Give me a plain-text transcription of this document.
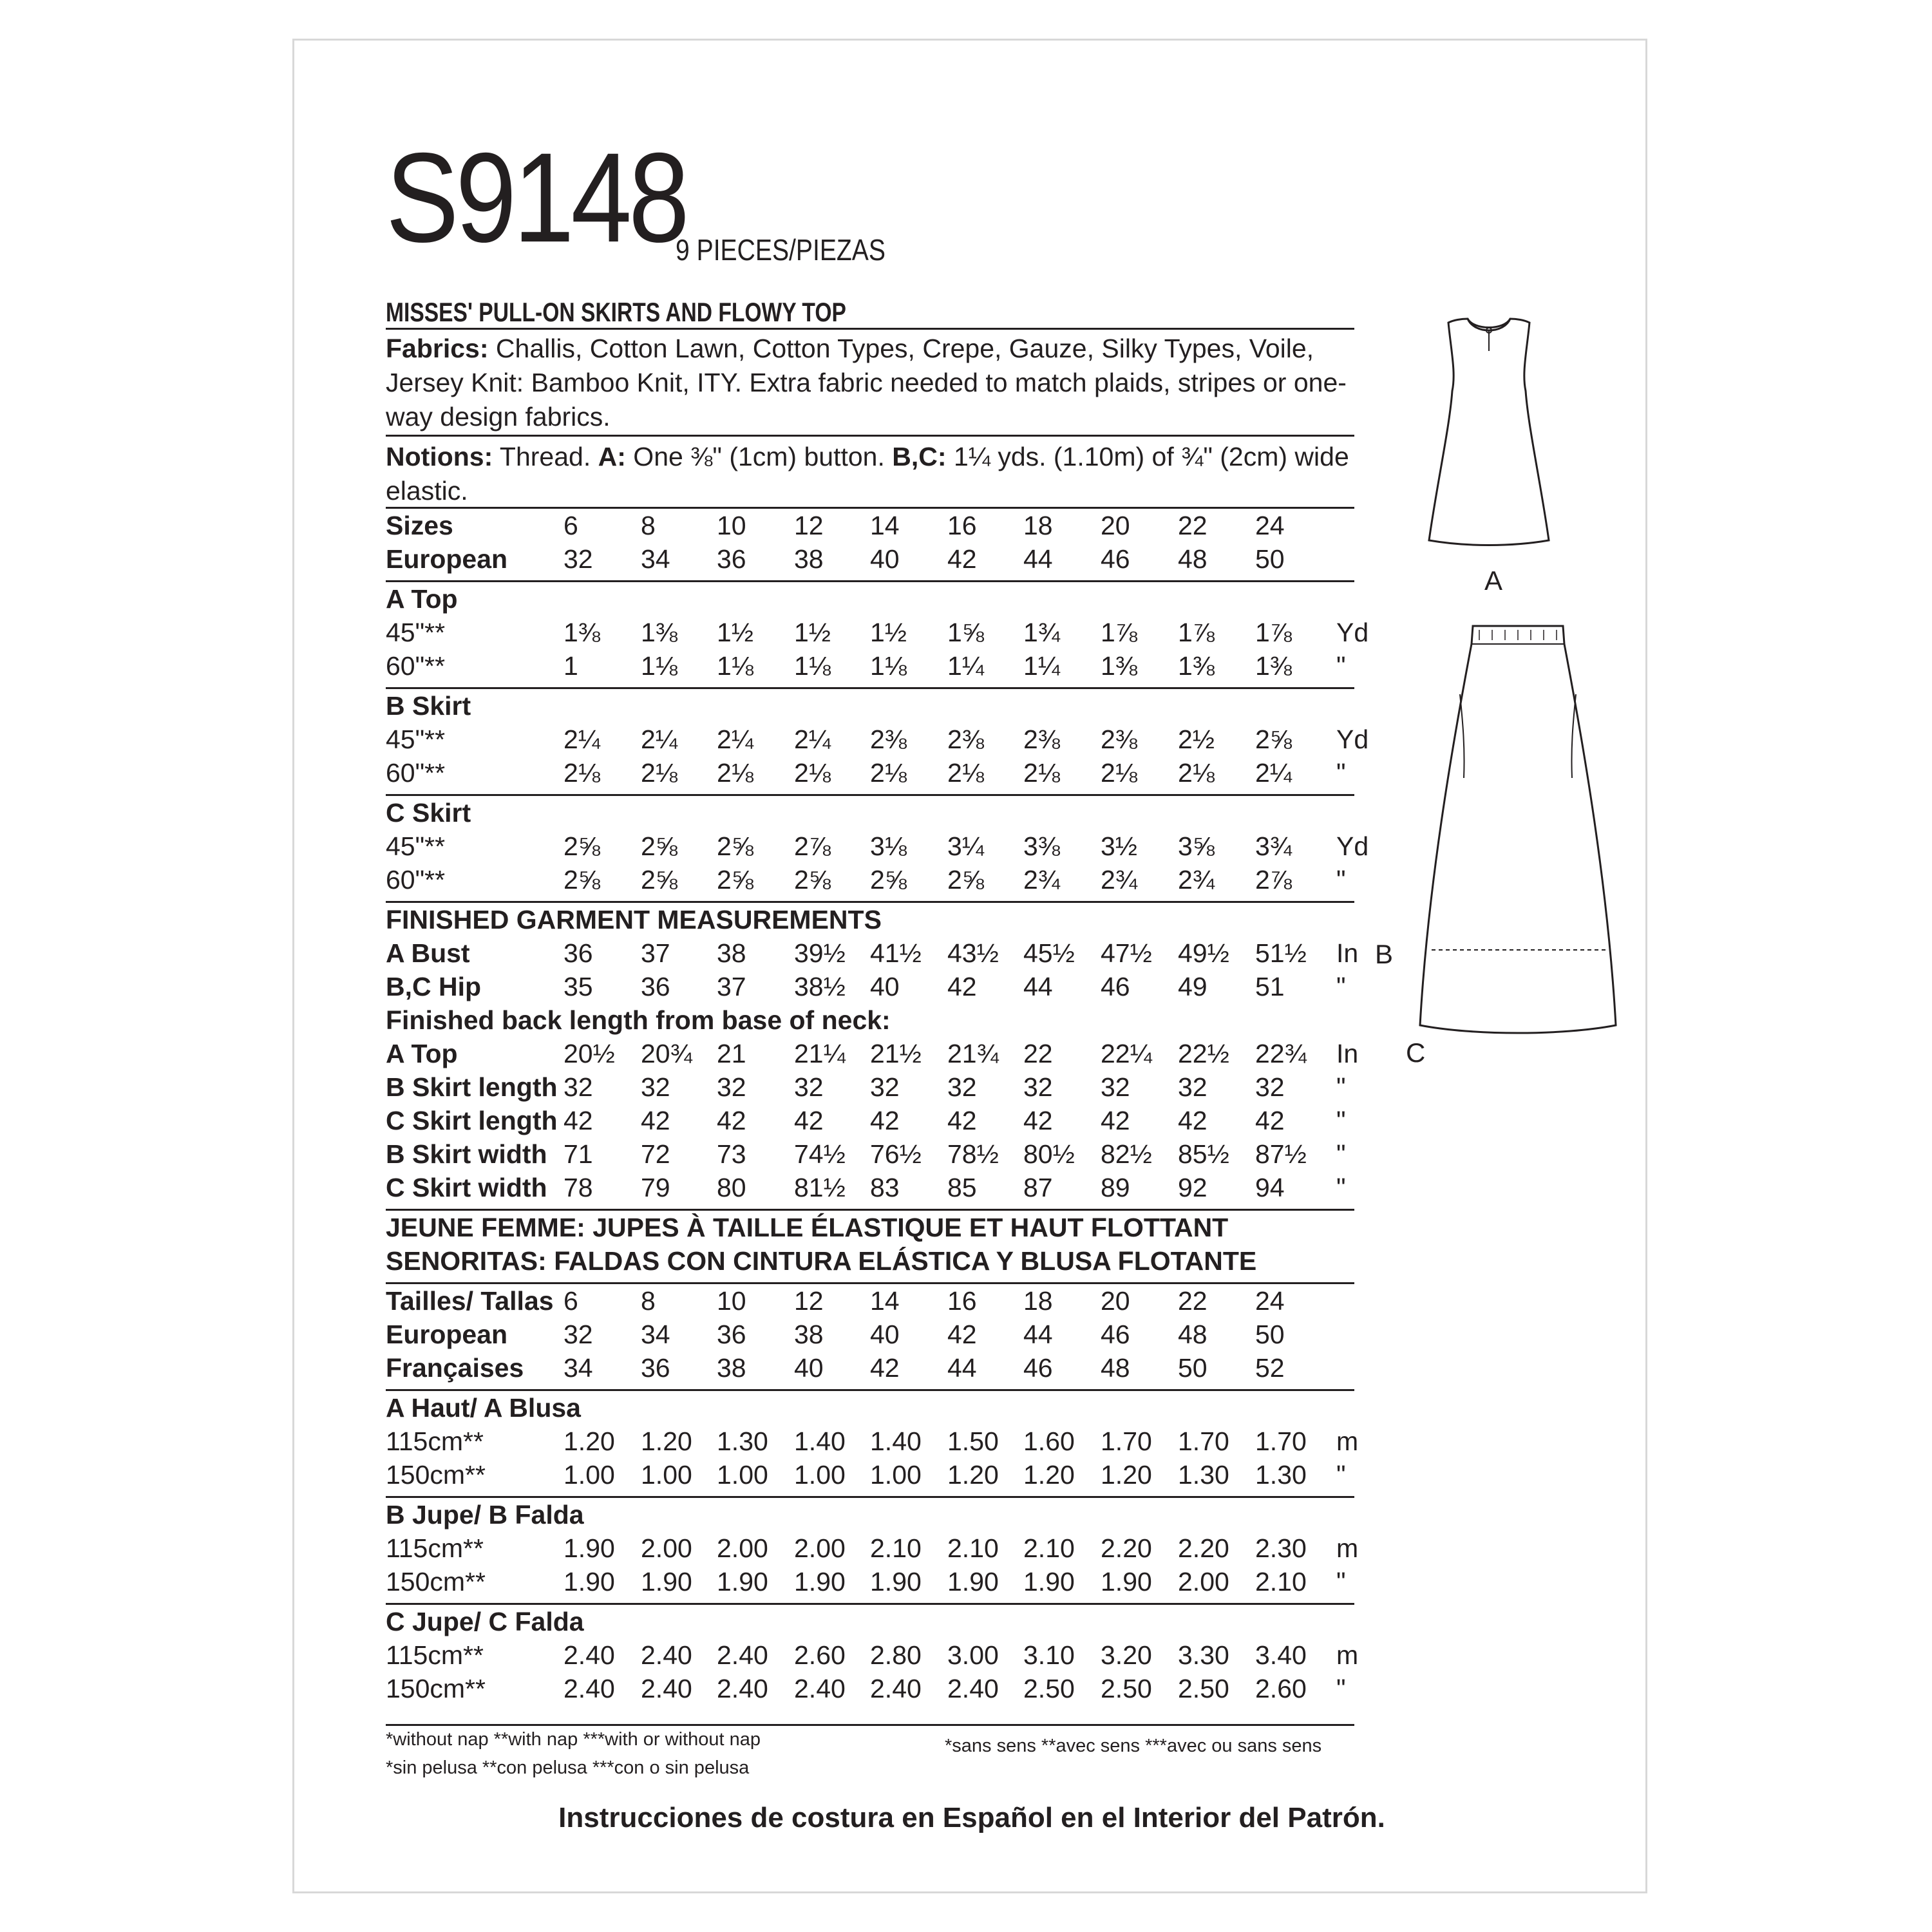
S9148
9 PIECES/PIEZAS
MISSES' PULL-ON SKIRTS AND FLOWY TOP
Fabrics: Challis, Cotton Lawn, Cotton Types, Crepe, Gauze, Silky Types, Voile, Jersey Knit: Bamboo Knit, ITY. Extra fabric needed to match plaids, stripes or one-way design fabrics.
Notions: Thread. A: One ⅜" (1cm) button. B,C: 1¼ yds. (1.10m) of ¾" (2cm) wide elastic.
Sizes	6 8 10 12 14 16 18 20 22 24
European 32 34 36 38 40 42 44 46 48 50
A Top
45"**	1⅜ 1⅜ 1½ 1½ 1½ 1⅝ 1¾ 1⅞ 1⅞ 1⅞ Yd
60"**	1 1⅛ 1⅛ 1⅛ 1⅛ 1¼ 1¼ 1⅜ 1⅜ 1⅜ "
B Skirt
45"**	2¼ 2¼ 2¼ 2¼ 2⅜ 2⅜ 2⅜ 2⅜ 2½ 2⅝ Yd
60"**	2⅛ 2⅛ 2⅛ 2⅛ 2⅛ 2⅛ 2⅛ 2⅛ 2⅛ 2¼ "
C Skirt
45"**	2⅝ 2⅝ 2⅝ 2⅞ 3⅛ 3¼ 3⅜ 3½ 3⅝ 3¾ Yd
60"**	2⅝ 2⅝ 2⅝ 2⅝ 2⅝ 2⅝ 2¾ 2¾ 2¾ 2⅞ "
FINISHED GARMENT MEASUREMENTS
A Bust	36 37 38 39½ 41½ 43½ 45½ 47½ 49½ 51½ In
B,C Hip	35 36 37 38½ 40 42 44 46 49 51 "
Finished back length from base of neck:
A Top	20½ 20¾ 21 21¼ 21½ 21¾ 22 22¼ 22½ 22¾ In
B Skirt length 32 32 32 32 32 32 32 32 32 32 "
C Skirt length 42 42 42 42 42 42 42 42 42 42 "
B Skirt width 71 72 73 74½ 76½ 78½ 80½ 82½ 85½ 87½ "
C Skirt width 78 79 80 81½ 83 85 87 89 92 94 "
JEUNE FEMME: JUPES À TAILLE ÉLASTIQUE ET HAUT FLOTTANT
SENORITAS: FALDAS CON CINTURA ELÁSTICA Y BLUSA FLOTANTE
Tailles/ Tallas 6 8 10 12 14 16 18 20 22 24
European 32 34 36 38 40 42 44 46 48 50
Françaises 34 36 38 40 42 44 46 48 50 52
A Haut/ A Blusa
115cm**	1.20 1.20 1.30 1.40 1.40 1.50 1.60 1.70 1.70 1.70 m
150cm**	1.00 1.00 1.00 1.00 1.00 1.20 1.20 1.20 1.30 1.30 "
B Jupe/ B Falda
115cm**	1.90 2.00 2.00 2.00 2.10 2.10 2.10 2.20 2.20 2.30 m
150cm**	1.90 1.90 1.90 1.90 1.90 1.90 1.90 1.90 2.00 2.10 "
C Jupe/ C Falda
115cm**	2.40 2.40 2.40 2.60 2.80 3.00 3.10 3.20 3.30 3.40 m
150cm**	2.40 2.40 2.40 2.40 2.40 2.40 2.50 2.50 2.50 2.60 "
A
B
C
*without nap **with nap ***with or without nap
*sin pelusa **con pelusa ***con o sin pelusa
*sans sens **avec sens ***avec ou sans sens
Instrucciones de costura en Español en el Interior del Patrón.
